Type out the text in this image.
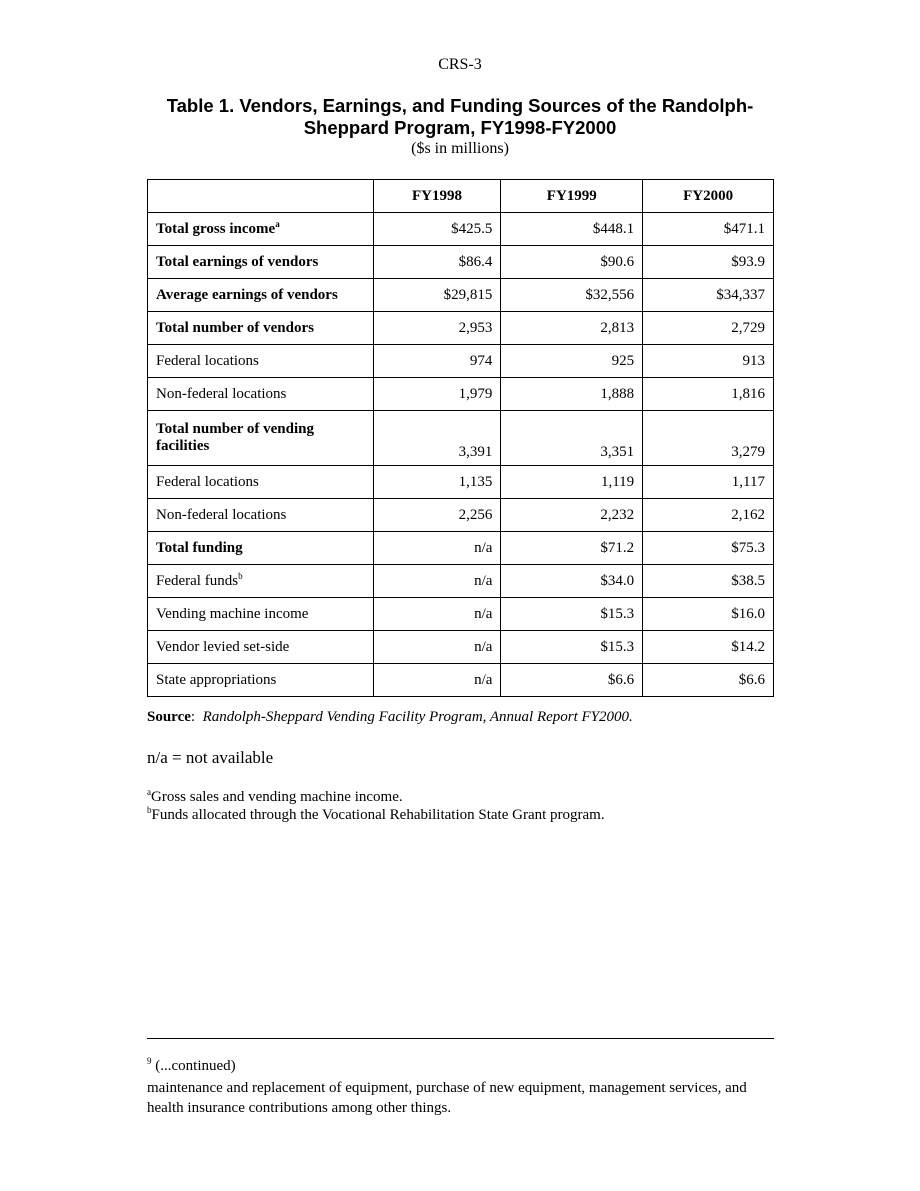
CRS-3
Table 1. Vendors, Earnings, and Funding Sources of the Randolph-
Sheppard Program, FY1998-FY2000
($s in millions)
	FY1998	FY1999	FY2000
Total gross income$^a$	$425.5	$448.1	$471.1
Total earnings of vendors	$86.4	$90.6	$93.9
Average earnings of vendors	$29,815	$32,556	$34,337
Total number of vendors	2,953	2,813	2,729
Federal locations	974	925	913
Non-federal locations	1,979	1,888	1,816
Total number of vending
facilities	3,391	3,351	3,279
Federal locations	1,135	1,119	1,117
Non-federal locations	2,256	2,232	2,162
Total funding	n/a	$71.2	$75.3
Federal funds$^b$	n/a	$34.0	$38.5
Vending machine income	n/a	$15.3	$16.0
Vendor levied set-side	n/a	$15.3	$14.2
State appropriations	n/a	$6.6	$6.6
Source:  Randolph-Sheppard Vending Facility Program, Annual Report FY2000.
n/a = not available
$^a$Gross sales and vending machine income.
$^b$Funds allocated through the Vocational Rehabilitation State Grant program.
$^9$ (...continued)
maintenance and replacement of equipment, purchase of new equipment, management services, and health insurance contributions among other things.
